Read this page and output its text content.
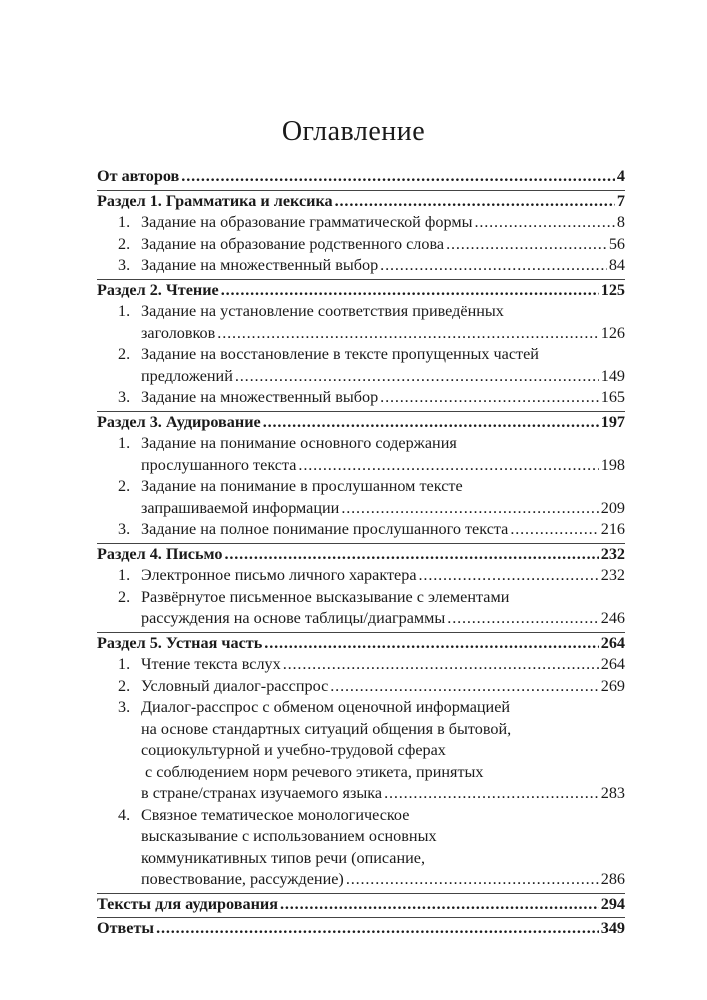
Оглавление
От авторов . . .	4
Раздел 1. Грамматика и лексика . . .	7
1. Задание на образование грамматической формы . . .	8
2. Задание на образование родственного слова . . .	56
3. Задание на множественный выбор . . .	84
Раздел 2. Чтение . . .	125
1. Задание на установление соответствия приведённых
заголовков . . .	126
2. Задание на восстановление в тексте пропущенных частей
предложений . . .	149
3. Задание на множественный выбор . . .	165
Раздел 3. Аудирование . . .	197
1. Задание на понимание основного содержания
прослушанного текста . . .	198
2. Задание на понимание в прослушанном тексте
запрашиваемой информации . . .	209
3. Задание на полное понимание прослушанного текста . . .	216
Раздел 4. Письмо . . .	232
1. Электронное письмо личного характера . . .	232
2. Развёрнутое письменное высказывание с элементами
рассуждения на основе таблицы/диаграммы . . .	246
Раздел 5. Устная часть . . .	264
1. Чтение текста вслух . . .	264
2. Условный диалог-расспрос . . .	269
3. Диалог-расспрос с обменом оценочной информацией
на основе стандартных ситуаций общения в бытовой,
социокультурной и учебно-трудовой сферах
с соблюдением норм речевого этикета, принятых
в стране/странах изучаемого языка . . .	283
4. Связное тематическое монологическое
высказывание с использованием основных
коммуникативных типов речи (описание,
повествование, рассуждение) . . .	286
Тексты для аудирования . . .	294
Ответы . . .	349
